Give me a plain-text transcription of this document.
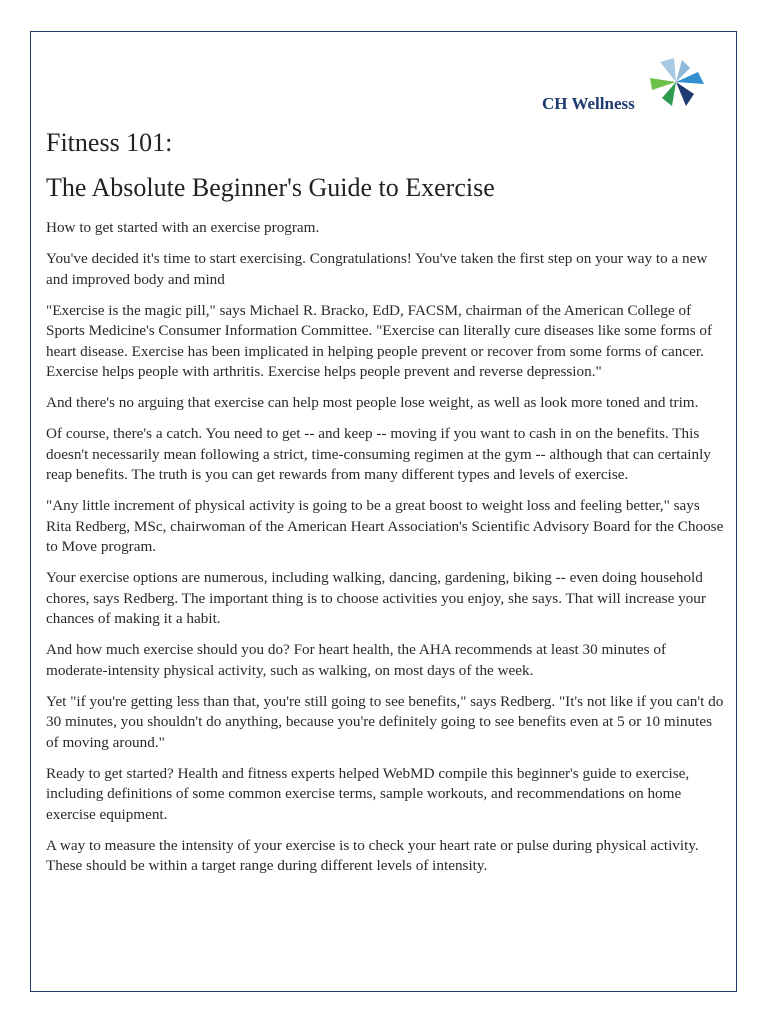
CH Wellness
Fitness 101:
The Absolute Beginner's Guide to Exercise

How to get started with an exercise program.

You've decided it's time to start exercising. Congratulations! You've taken the first step on your way to a new and improved body and mind

"Exercise is the magic pill," says Michael R. Bracko, EdD, FACSM, chairman of the American College of Sports Medicine's Consumer Information Committee. "Exercise can literally cure diseases like some forms of heart disease. Exercise has been implicated in helping people prevent or recover from some forms of cancer. Exercise helps people with arthritis. Exercise helps people prevent and reverse depression."

And there's no arguing that exercise can help most people lose weight, as well as look more toned and trim.

Of course, there's a catch. You need to get -- and keep -- moving if you want to cash in on the benefits. This doesn't necessarily mean following a strict, time-consuming regimen at the gym -- although that can certainly reap benefits. The truth is you can get rewards from many different types and levels of exercise.

"Any little increment of physical activity is going to be a great boost to weight loss and feeling better," says Rita Redberg, MSc, chairwoman of the American Heart Association's Scientific Advisory Board for the Choose to Move program.

Your exercise options are numerous, including walking, dancing, gardening, biking -- even doing household chores, says Redberg. The important thing is to choose activities you enjoy, she says. That will increase your chances of making it a habit.

And how much exercise should you do? For heart health, the AHA recommends at least 30 minutes of moderate-intensity physical activity, such as walking, on most days of the week.

Yet "if you're getting less than that, you're still going to see benefits," says Redberg. "It's not like if you can't do 30 minutes, you shouldn't do anything, because you're definitely going to see benefits even at 5 or 10 minutes of moving around."

Ready to get started? Health and fitness experts helped WebMD compile this beginner's guide to exercise, including definitions of some common exercise terms, sample workouts, and recommendations on home exercise equipment.

A way to measure the intensity of your exercise is to check your heart rate or pulse during physical activity. These should be within a target range during different levels of intensity.
